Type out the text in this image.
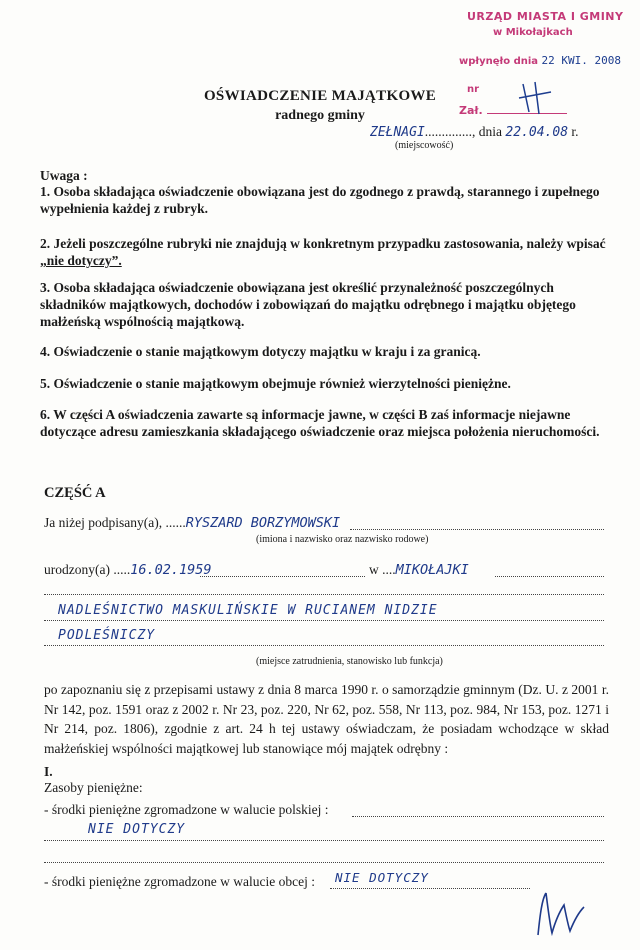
URZĄD MIASTA I GMINY
w Mikołajkach
wpłynęło dnia 22 KWI. 2008
nr
Zał.
OŚWIADCZENIE MAJĄTKOWE
radnego gminy
ZEŁNAGI.............., dnia 22.04.08 r.
(miejscowość)
Uwaga :
1. Osoba składająca oświadczenie obowiązana jest do zgodnego z prawdą, starannego i zupełnego wypełnienia każdej z rubryk.
2. Jeżeli poszczególne rubryki nie znajdują w konkretnym przypadku zastosowania, należy wpisać „nie dotyczy”.
3. Osoba składająca oświadczenie obowiązana jest określić przynależność poszczególnych składników majątkowych, dochodów i zobowiązań do majątku odrębnego i majątku objętego małżeńską wspólnością majątkową.
4. Oświadczenie o stanie majątkowym dotyczy majątku w kraju i za granicą.
5. Oświadczenie o stanie majątkowym obejmuje również wierzytelności pieniężne.
6. W części A oświadczenia zawarte są informacje jawne, w części B zaś informacje niejawne dotyczące adresu zamieszkania składającego oświadczenie oraz miejsca położenia nieruchomości.
CZĘŚĆ A
Ja niżej podpisany(a), ......RYSZARD BORZYMOWSKI
(imiona i nazwisko oraz nazwisko rodowe)
urodzony(a) .....16.02.1959	w ....MIKOŁAJKI
NADLEŚNICTWO MASKULIŃSKIE W RUCIANEM NIDZIE
PODLEŚNICZY
(miejsce zatrudnienia, stanowisko lub funkcja)
po zapoznaniu się z przepisami ustawy z dnia 8 marca 1990 r. o samorządzie gminnym (Dz. U. z 2001 r. Nr 142, poz. 1591 oraz z 2002 r. Nr 23, poz. 220, Nr 62, poz. 558, Nr 113, poz. 984, Nr 153, poz. 1271 i Nr 214, poz. 1806), zgodnie z art. 24 h tej ustawy oświadczam, że posiadam wchodzące w skład małżeńskiej wspólności majątkowej lub stanowiące mój majątek odrębny :
I.
Zasoby pieniężne:
- środki pieniężne zgromadzone w walucie polskiej :
NIE DOTYCZY
- środki pieniężne zgromadzone w walucie obcej : NIE DOTYCZY
